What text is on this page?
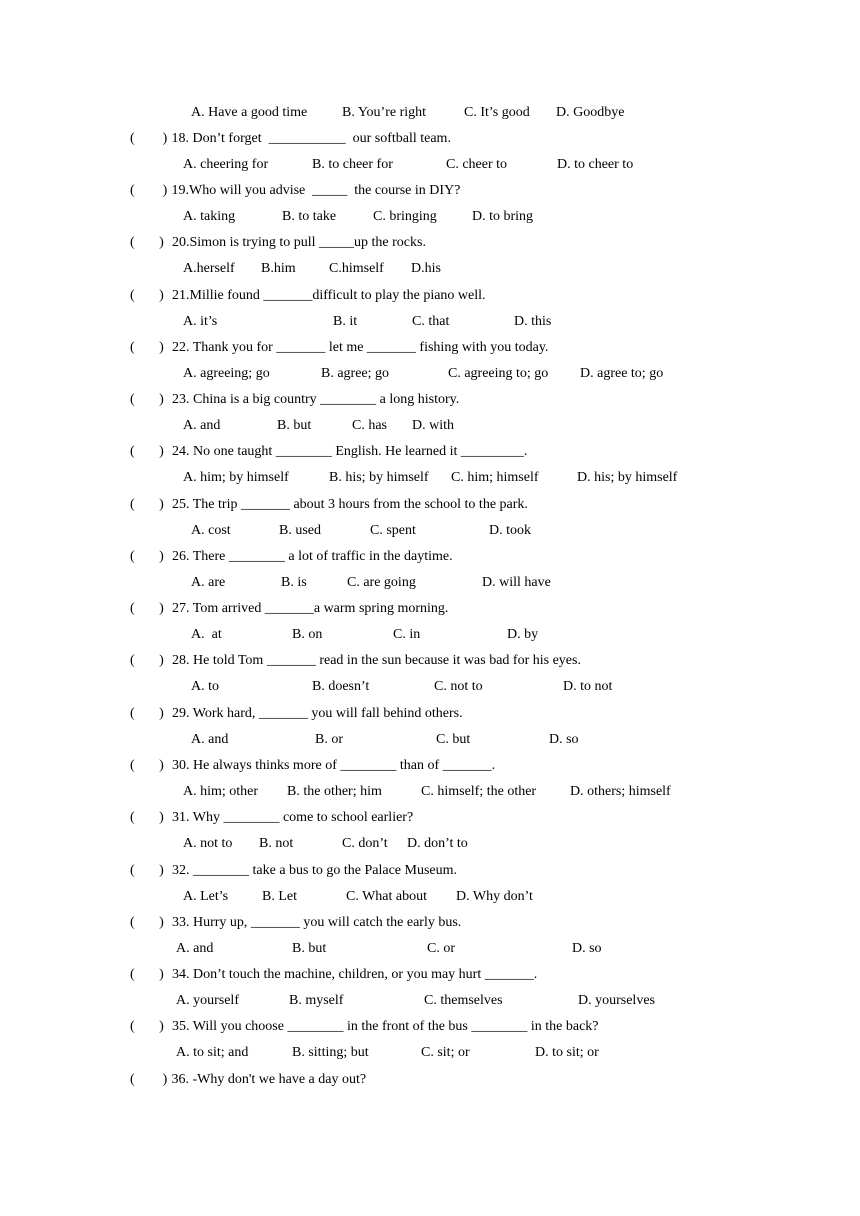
A. Have a good time B. You’re right	C. It’s good D. Goodbye
(        ) 18. Don’t forget  ___________  our softball team.
A. cheering for	B. to cheer for	C. cheer to	D. to cheer to
(        ) 19.Who will you advise  _____  the course in DIY?
A. taking	B. to take	C. bringing	D. to bring
(       ) 20.Simon is trying to pull _____up the rocks.
A.herself B.him C.himself D.his
(       ) 21.Millie found _______difficult to play the piano well.
A. it’s	B. it	C. that	D. this
(       ) 22. Thank you for _______ let me _______ fishing with you today.
A. agreeing; go	B. agree; go	C. agreeing to; go D. agree to; go
(       ) 23. China is a big country ________ a long history.
A. and	B. but	C. has D. with
(       ) 24. No one taught ________ English. He learned it _________.
A. him; by himself	B. his; by himself C. him; himself	D. his; by himself
(       ) 25. The trip _______ about 3 hours from the school to the park.
A. cost	B. used	C. spent	D. took
(       ) 26. There ________ a lot of traffic in the daytime.
A. are	B. is	C. are going	D. will have
(       ) 27. Tom arrived _______a warm spring morning.
A.  at	B. on	C. in	D. by
(       ) 28. He told Tom _______ read in the sun because it was bad for his eyes.
A. to	B. doesn’t	C. not to	D. to not
(       ) 29. Work hard, _______ you will fall behind others.
A. and	B. or	C. but	D. so
(       ) 30. He always thinks more of ________ than of _______.
A. him; other B. the other; him	C. himself; the other D. others; himself
(       ) 31. Why ________ come to school earlier?
A. not to B. not	C. don’t D. don’t to
(       ) 32. ________ take a bus to go the Palace Museum.
A. Let’s B. Let	C. What about D. Why don’t
(       ) 33. Hurry up, _______ you will catch the early bus.
A. and	B. but	C. or	D. so
(       ) 34. Don’t touch the machine, children, or you may hurt _______.
A. yourself	B. myself	C. themselves	D. yourselves
(       ) 35. Will you choose ________ in the front of the bus ________ in the back?
A. to sit; and	B. sitting; but	C. sit; or	D. to sit; or
(        ) 36. -Why don't we have a day out?
